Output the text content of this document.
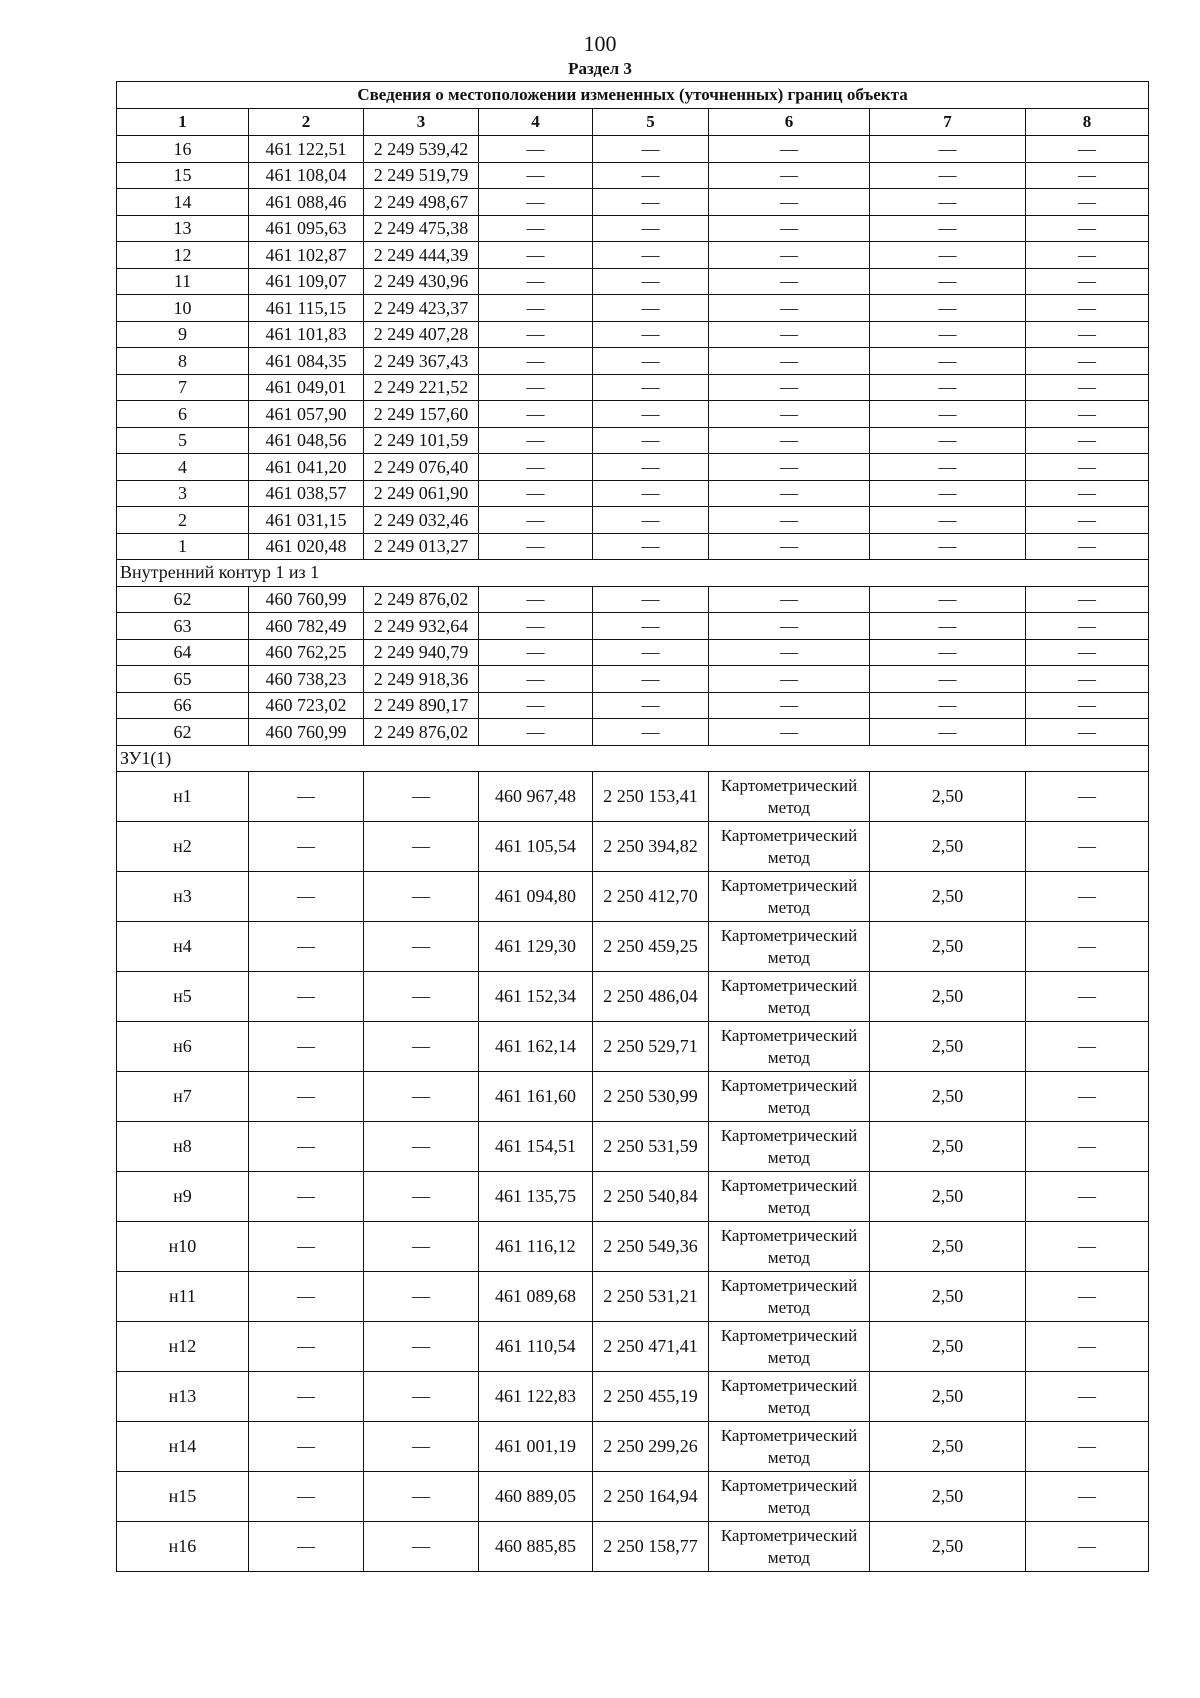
100
Раздел 3
Сведения о местоположении измененных (уточненных) границ объекта							
1	2	3	4	5	6	7	8
16	461 122,51	2 249 539,42	—	—	—	—	—
15	461 108,04	2 249 519,79	—	—	—	—	—
14	461 088,46	2 249 498,67	—	—	—	—	—
13	461 095,63	2 249 475,38	—	—	—	—	—
12	461 102,87	2 249 444,39	—	—	—	—	—
11	461 109,07	2 249 430,96	—	—	—	—	—
10	461 115,15	2 249 423,37	—	—	—	—	—
9	461 101,83	2 249 407,28	—	—	—	—	—
8	461 084,35	2 249 367,43	—	—	—	—	—
7	461 049,01	2 249 221,52	—	—	—	—	—
6	461 057,90	2 249 157,60	—	—	—	—	—
5	461 048,56	2 249 101,59	—	—	—	—	—
4	461 041,20	2 249 076,40	—	—	—	—	—
3	461 038,57	2 249 061,90	—	—	—	—	—
2	461 031,15	2 249 032,46	—	—	—	—	—
1	461 020,48	2 249 013,27	—	—	—	—	—
Внутренний контур 1 из 1							
62	460 760,99	2 249 876,02	—	—	—	—	—
63	460 782,49	2 249 932,64	—	—	—	—	—
64	460 762,25	2 249 940,79	—	—	—	—	—
65	460 738,23	2 249 918,36	—	—	—	—	—
66	460 723,02	2 249 890,17	—	—	—	—	—
62	460 760,99	2 249 876,02	—	—	—	—	—
ЗУ1(1)							
н1	—	—	460 967,48	2 250 153,41	Картометрический метод	2,50	—
н2	—	—	461 105,54	2 250 394,82	Картометрический метод	2,50	—
н3	—	—	461 094,80	2 250 412,70	Картометрический метод	2,50	—
н4	—	—	461 129,30	2 250 459,25	Картометрический метод	2,50	—
н5	—	—	461 152,34	2 250 486,04	Картометрический метод	2,50	—
н6	—	—	461 162,14	2 250 529,71	Картометрический метод	2,50	—
н7	—	—	461 161,60	2 250 530,99	Картометрический метод	2,50	—
н8	—	—	461 154,51	2 250 531,59	Картометрический метод	2,50	—
н9	—	—	461 135,75	2 250 540,84	Картометрический метод	2,50	—
н10	—	—	461 116,12	2 250 549,36	Картометрический метод	2,50	—
н11	—	—	461 089,68	2 250 531,21	Картометрический метод	2,50	—
н12	—	—	461 110,54	2 250 471,41	Картометрический метод	2,50	—
н13	—	—	461 122,83	2 250 455,19	Картометрический метод	2,50	—
н14	—	—	461 001,19	2 250 299,26	Картометрический метод	2,50	—
н15	—	—	460 889,05	2 250 164,94	Картометрический метод	2,50	—
н16	—	—	460 885,85	2 250 158,77	Картометрический метод	2,50	—
